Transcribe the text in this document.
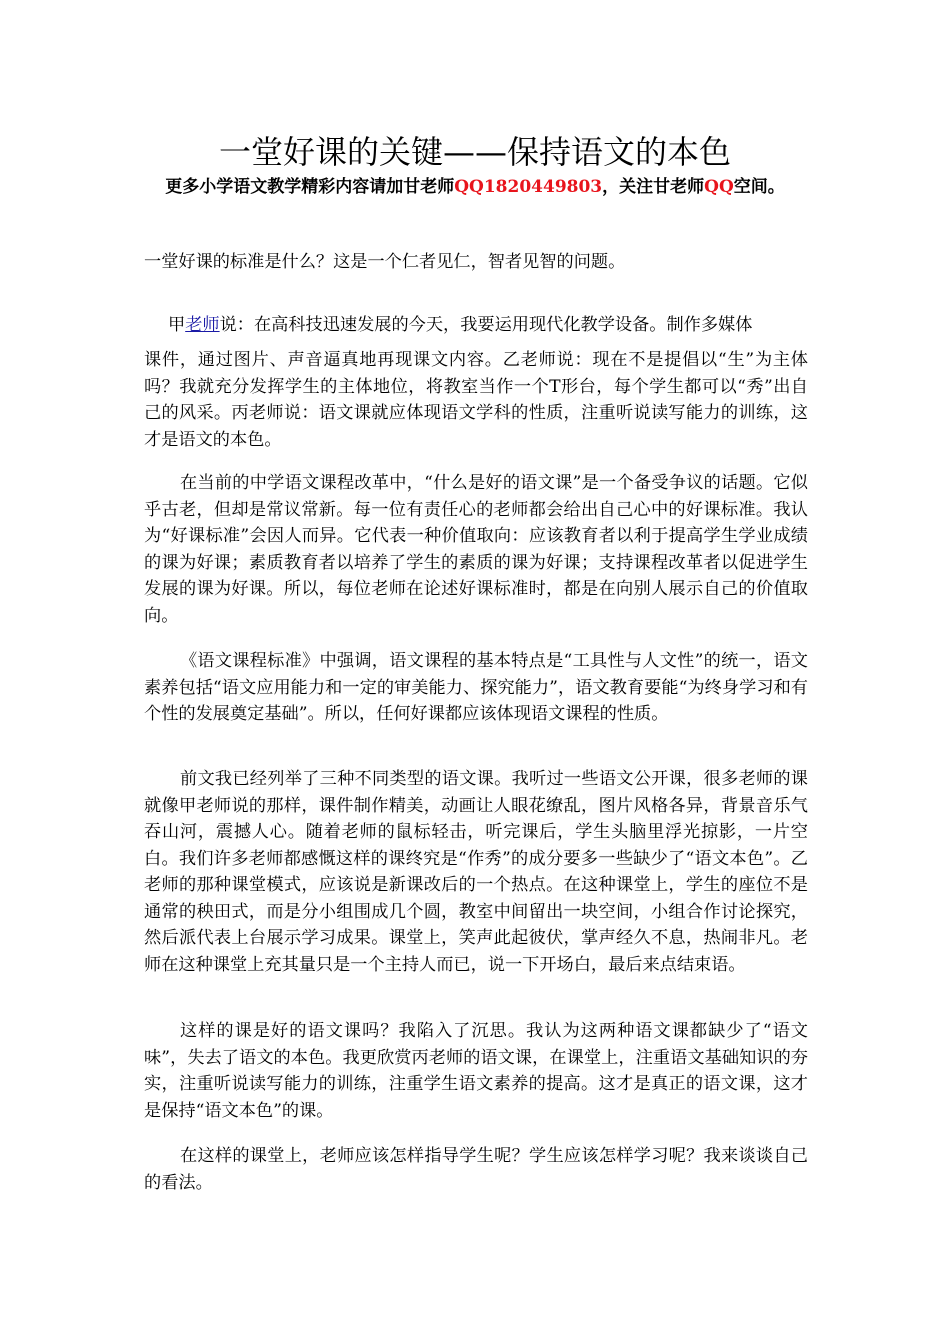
一堂好课的关键——保持语文的本色

更多小学语文教学精彩内容请加甘老师QQ1820449803，关注甘老师QQ空间。

一堂好课的标准是什么？这是一个仁者见仁，智者见智的问题。

甲老师说：在高科技迅速发展的今天，我要运用现代化教学设备。制作多媒体

课件，通过图片、声音逼真地再现课文内容。乙老师说：现在不是提倡以“生”为主体吗？我就充分发挥学生的主体地位，将教室当作一个T形台，每个学生都可以“秀”出自己的风采。丙老师说：语文课就应体现语文学科的性质，注重听说读写能力的训练，这才是语文的本色。

在当前的中学语文课程改革中，“什么是好的语文课”是一个备受争议的话题。它似乎古老，但却是常议常新。每一位有责任心的老师都会给出自己心中的好课标准。我认为“好课标准”会因人而异。它代表一种价值取向：应该教育者以利于提高学生学业成绩的课为好课；素质教育者以培养了学生的素质的课为好课；支持课程改革者以促进学生发展的课为好课。所以，每位老师在论述好课标准时，都是在向别人展示自己的价值取向。

《语文课程标准》中强调，语文课程的基本特点是“工具性与人文性”的统一，语文素养包括“语文应用能力和一定的审美能力、探究能力”，语文教育要能“为终身学习和有个性的发展奠定基础”。所以，任何好课都应该体现语文课程的性质。

前文我已经列举了三种不同类型的语文课。我听过一些语文公开课，很多老师的课就像甲老师说的那样，课件制作精美，动画让人眼花缭乱，图片风格各异，背景音乐气吞山河，震撼人心。随着老师的鼠标轻击，听完课后，学生头脑里浮光掠影，一片空白。我们许多老师都感慨这样的课终究是“作秀”的成分要多一些缺少了“语文本色”。乙老师的那种课堂模式，应该说是新课改后的一个热点。在这种课堂上，学生的座位不是通常的秧田式，而是分小组围成几个圆，教室中间留出一块空间，小组合作讨论探究，然后派代表上台展示学习成果。课堂上，笑声此起彼伏，掌声经久不息，热闹非凡。老师在这种课堂上充其量只是一个主持人而已，说一下开场白，最后来点结束语。

这样的课是好的语文课吗？我陷入了沉思。我认为这两种语文课都缺少了“语文味”，失去了语文的本色。我更欣赏丙老师的语文课，在课堂上，注重语文基础知识的夯实，注重听说读写能力的训练，注重学生语文素养的提高。这才是真正的语文课，这才是保持“语文本色”的课。

在这样的课堂上，老师应该怎样指导学生呢？学生应该怎样学习呢？我来谈谈自己的看法。
